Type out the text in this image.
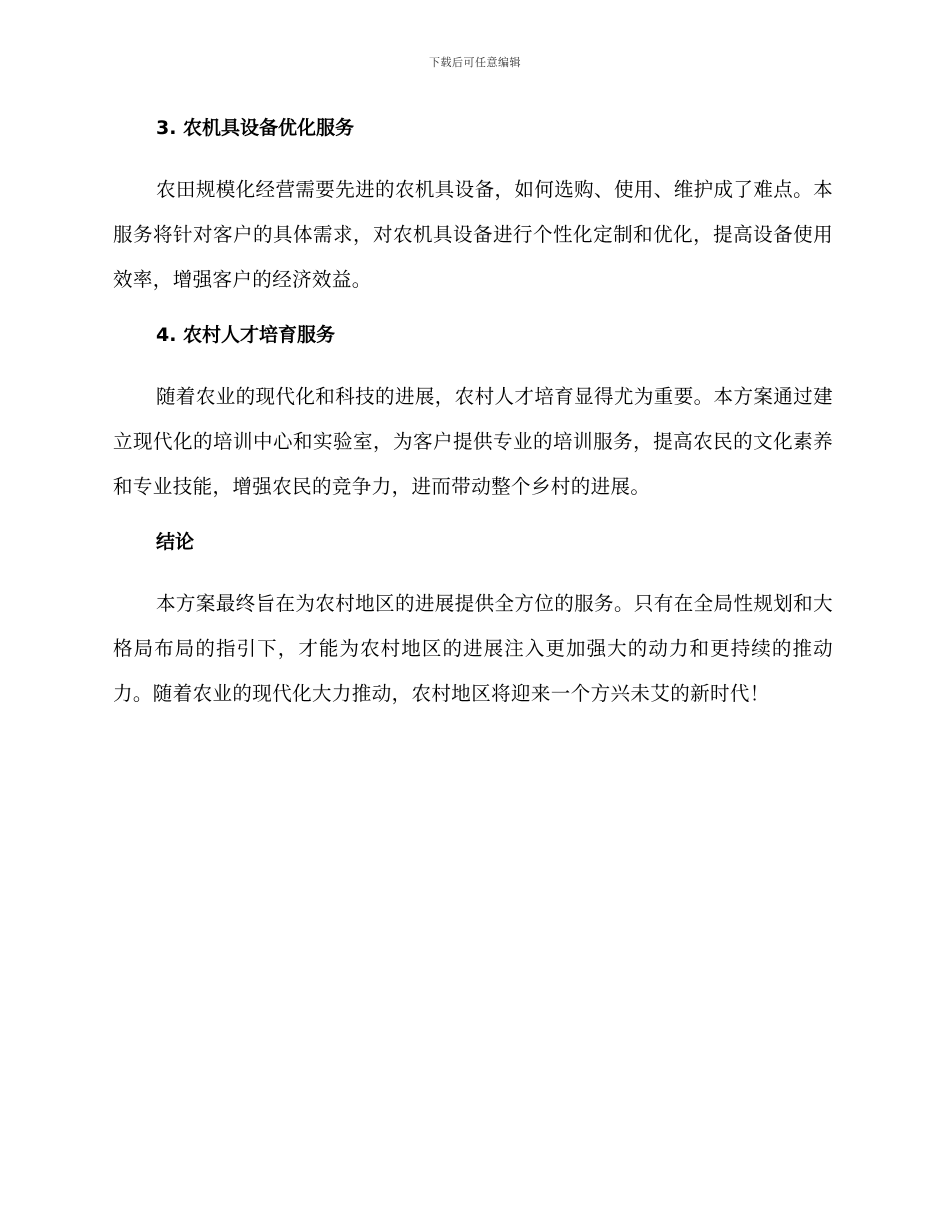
下载后可任意编辑
3. 农机具设备优化服务

农田规模化经营需要先进的农机具设备，如何选购、使用、维护成了难点。本服务将针对客户的具体需求，对农机具设备进行个性化定制和优化，提高设备使用效率，增强客户的经济效益。

4. 农村人才培育服务

随着农业的现代化和科技的进展，农村人才培育显得尤为重要。本方案通过建立现代化的培训中心和实验室，为客户提供专业的培训服务，提高农民的文化素养和专业技能，增强农民的竞争力，进而带动整个乡村的进展。

结论

本方案最终旨在为农村地区的进展提供全方位的服务。只有在全局性规划和大格局布局的指引下，才能为农村地区的进展注入更加强大的动力和更持续的推动力。随着农业的现代化大力推动，农村地区将迎来一个方兴未艾的新时代！
